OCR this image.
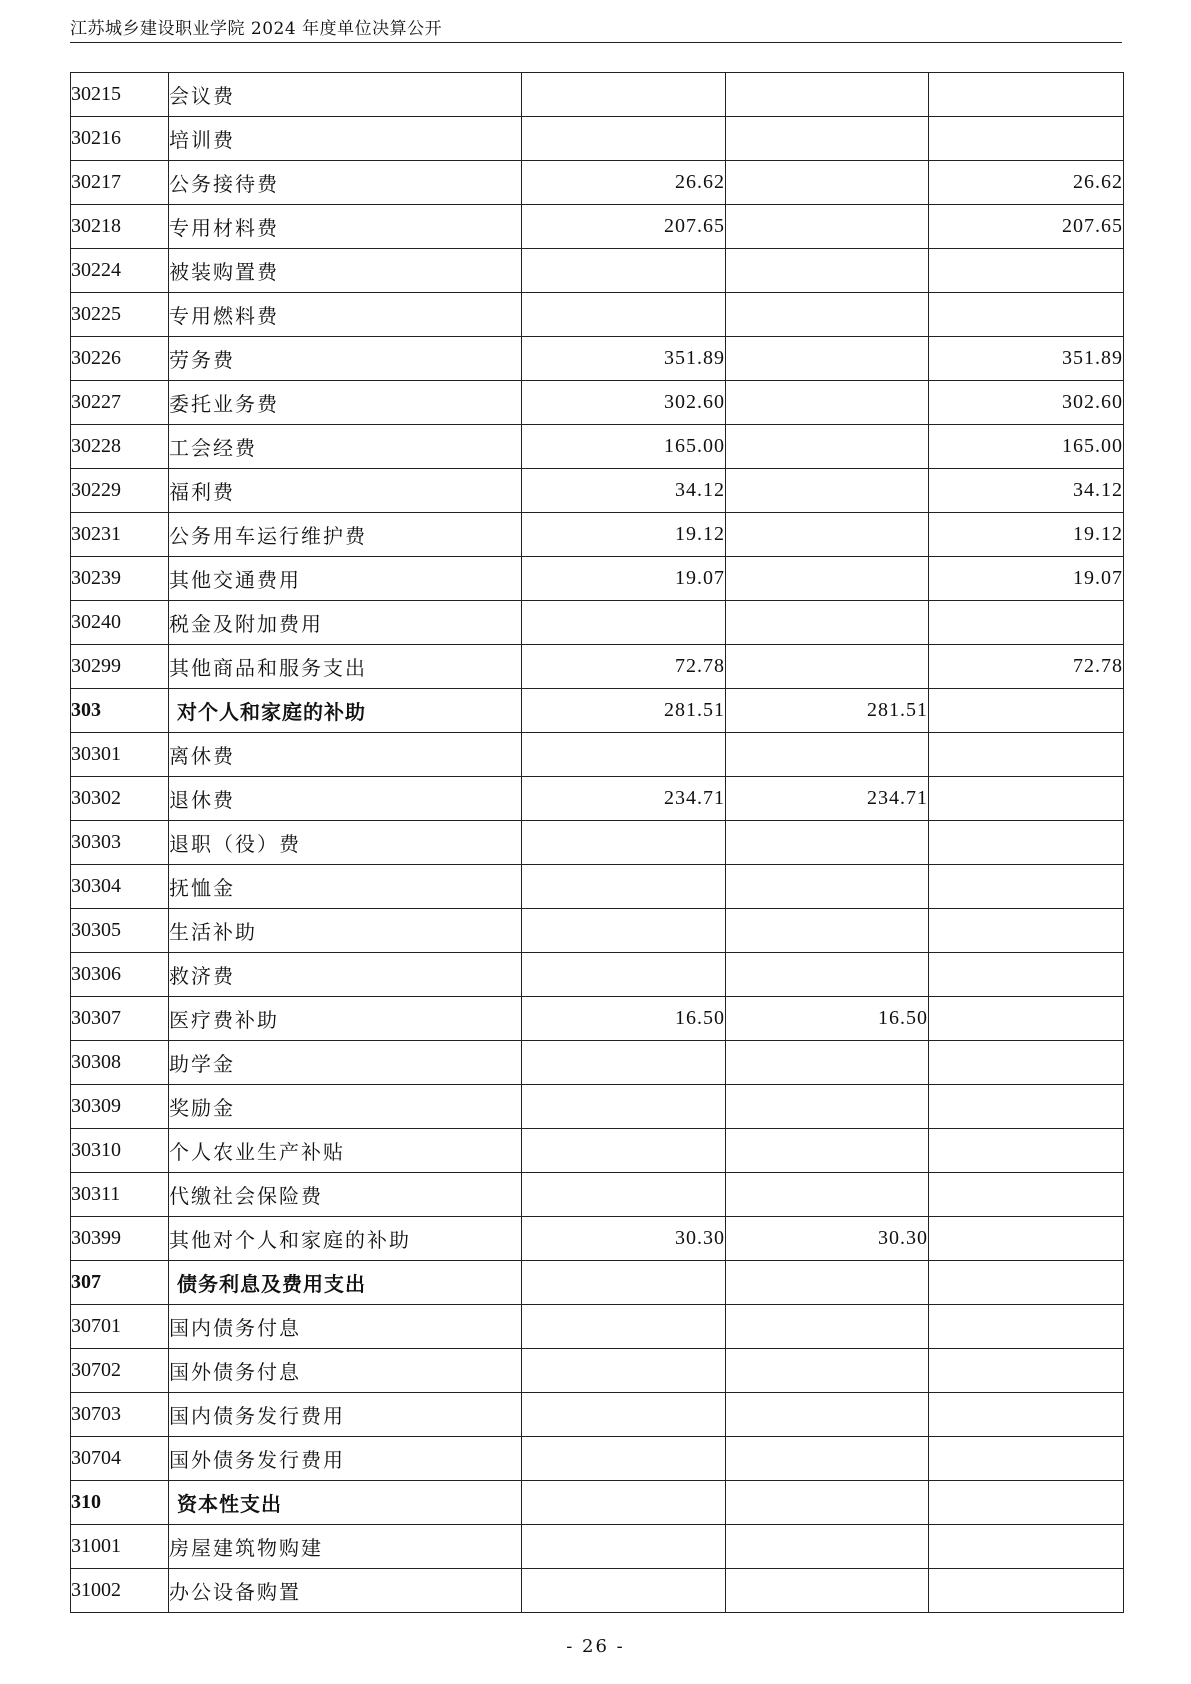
江苏城乡建设职业学院 2024 年度单位决算公开
30215	会议费			
30216	培训费			
30217	公务接待费	26.62		26.62
30218	专用材料费	207.65		207.65
30224	被装购置费			
30225	专用燃料费			
30226	劳务费	351.89		351.89
30227	委托业务费	302.60		302.60
30228	工会经费	165.00		165.00
30229	福利费	34.12		34.12
30231	公务用车运行维护费	19.12		19.12
30239	其他交通费用	19.07		19.07
30240	税金及附加费用			
30299	其他商品和服务支出	72.78		72.78
303	对个人和家庭的补助	281.51	281.51	
30301	离休费			
30302	退休费	234.71	234.71	
30303	退职（役）费			
30304	抚恤金			
30305	生活补助			
30306	救济费			
30307	医疗费补助	16.50	16.50	
30308	助学金			
30309	奖励金			
30310	个人农业生产补贴			
30311	代缴社会保险费			
30399	其他对个人和家庭的补助	30.30	30.30	
307	债务利息及费用支出			
30701	国内债务付息			
30702	国外债务付息			
30703	国内债务发行费用			
30704	国外债务发行费用			
310	资本性支出			
31001	房屋建筑物购建			
31002	办公设备购置			
- 26 -
